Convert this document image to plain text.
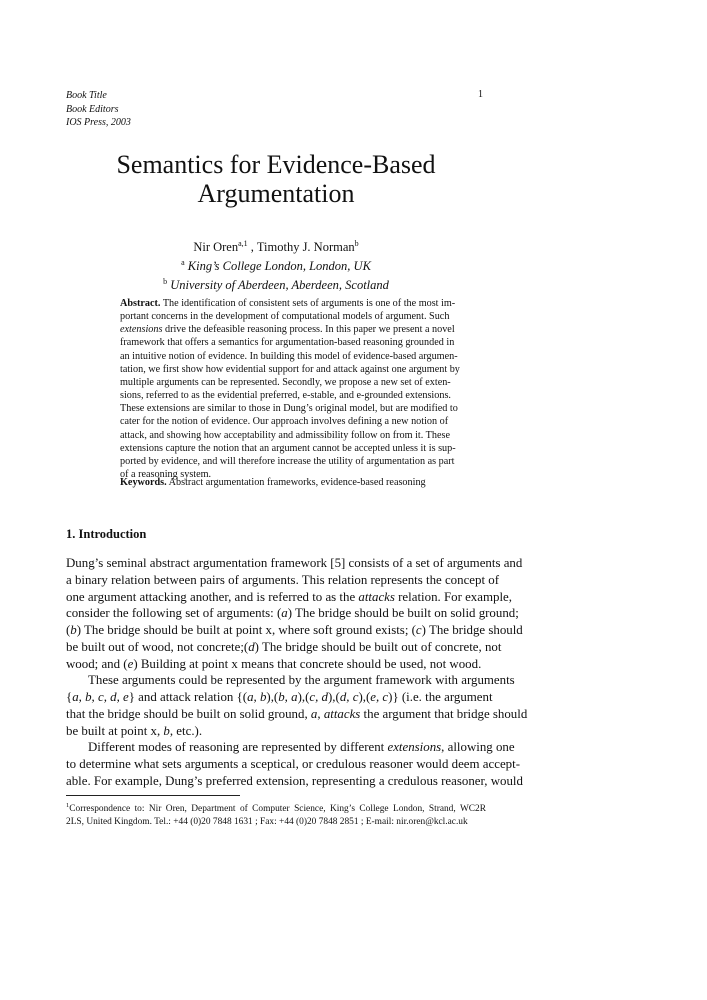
Book Title
Book Editors
IOS Press, 2003
1
Semantics for Evidence-Based
Argumentation
Nir Oren$^{a,1}$ , Timothy J. Norman$^b$
$^a$ King’s College London, London, UK
$^b$ University of Aberdeen, Aberdeen, Scotland
Abstract. The identification of consistent sets of arguments is one of the most im-
portant concerns in the development of computational models of argument. Such
extensions drive the defeasible reasoning process. In this paper we present a novel
framework that offers a semantics for argumentation-based reasoning grounded in
an intuitive notion of evidence. In building this model of evidence-based argumen-
tation, we first show how evidential support for and attack against one argument by
multiple arguments can be represented. Secondly, we propose a new set of exten-
sions, referred to as the evidential preferred, e-stable, and e-grounded extensions.
These extensions are similar to those in Dung’s original model, but are modified to
cater for the notion of evidence. Our approach involves defining a new notion of
attack, and showing how acceptability and admissibility follow on from it. These
extensions capture the notion that an argument cannot be accepted unless it is sup-
ported by evidence, and will therefore increase the utility of argumentation as part
of a reasoning system.
Keywords. Abstract argumentation frameworks, evidence-based reasoning
1. Introduction
Dung’s seminal abstract argumentation framework [5] consists of a set of arguments and
a binary relation between pairs of arguments. This relation represents the concept of
one argument attacking another, and is referred to as the attacks relation. For example,
consider the following set of arguments: (a) The bridge should be built on solid ground;
(b) The bridge should be built at point x, where soft ground exists; (c) The bridge should
be built out of wood, not concrete;(d) The bridge should be built out of concrete, not
wood; and (e) Building at point x means that concrete should be used, not wood.
These arguments could be represented by the argument framework with arguments
{a, b, c, d, e} and attack relation {(a, b),(b, a),(c, d),(d, c),(e, c)} (i.e. the argument
that the bridge should be built on solid ground, a, attacks the argument that bridge should
be built at point x, b, etc.).
Different modes of reasoning are represented by different extensions, allowing one
to determine what sets arguments a sceptical, or credulous reasoner would deem accept-
able. For example, Dung’s preferred extension, representing a credulous reasoner, would
$^1$Correspondence to: Nir Oren, Department of Computer Science, King’s College London, Strand, WC2R
2LS, United Kingdom. Tel.: +44 (0)20 7848 1631 ; Fax: +44 (0)20 7848 2851 ; E-mail: nir.oren@kcl.ac.uk
